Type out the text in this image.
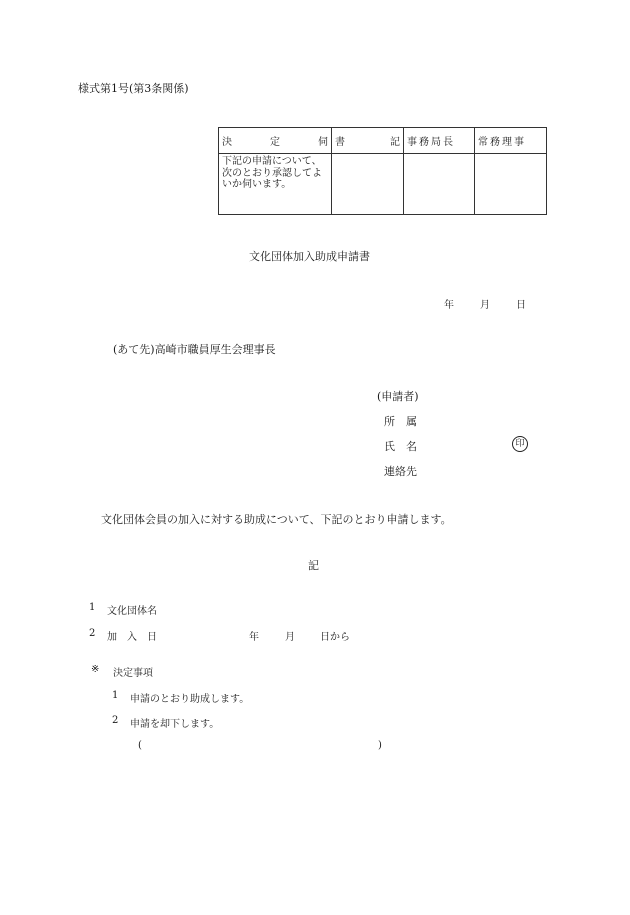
様式第1号(第3条関係)
決 定 伺	書 記	事務局長	常務理事

下記の申請について、次のとおり承認してよいか伺います。			

文化団体加入助成申請書
年	月	日
(あて先)高崎市職員厚生会理事長
(申請者)
所　属
氏　名	印
連絡先
文化団体会員の加入に対する助成について、下記のとおり申請します。
記
1 文化団体名
2 加　入　日	年	月	日から
※ 決定事項
1 申請のとおり助成します。
2 申請を却下します。
(	)
